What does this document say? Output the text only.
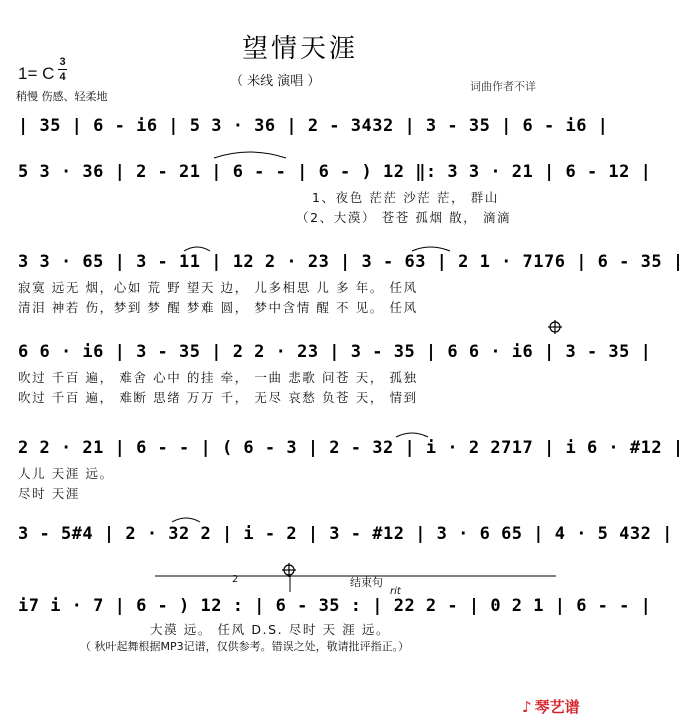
望情天涯
（ 米线 演唱 ）
1= C
3
4
稍慢 伤感、轻柔地
词曲作者不详
| 35 | 6 - i6 | 5 3 · 36 | 2 - 3432 | 3 - 35 | 6 - i6 |
5 3 · 36 | 2 - 21 | 6 - - | 6 - ) 12 ‖: 3 3 · 21 | 6 - 12 |
1、夜色 茫茫 沙茫 茫， 群山
（2、大漠） 苍苍 孤烟 散， 滴滴
3 3 · 65 | 3 - 11 | 12 2 · 23 | 3 - 63 | 2 1 · 7176 | 6 - 35 |
寂寞 远无 烟，心如 荒 野 望天 边， 儿多相思 儿 多 年。 任风
清泪 神若 伤，梦到 梦 醒 梦难 圆， 梦中含情 醒 不 见。 任风
6 6 · i6 | 3 - 35 | 2 2 · 23 | 3 - 35 | 6 6 · i6 | 3 - 35 |
吹过 千百 遍， 难舍 心中 的挂 牵， 一曲 悲歌 问苍 天， 孤独
吹过 千百 遍， 难断 思绪 万万 千， 无尽 哀愁 负苍 天， 情到
2 2 · 21 | 6 - - | ( 6 - 3 | 2 - 32 | i · 2 2717 | i 6 · #12 |
人儿 天涯 远。
尽时 天涯
3 - 5#4 | 2 · 32 2 | i - 2 | 3 - #12 | 3 · 6 65 | 4 · 5 432 |
2	结束句
rit
i7 i · 7 | 6 - ) 12 : | 6 - 35 : | 22 2 - | 0 2 1 | 6 - - |
大漠 远。 任风 D.S. 尽时 天 涯 远。
（ 秋叶起舞根据MP3记谱，仅供参考。错误之处，敬请批评指正。）
♪ 琴艺谱
